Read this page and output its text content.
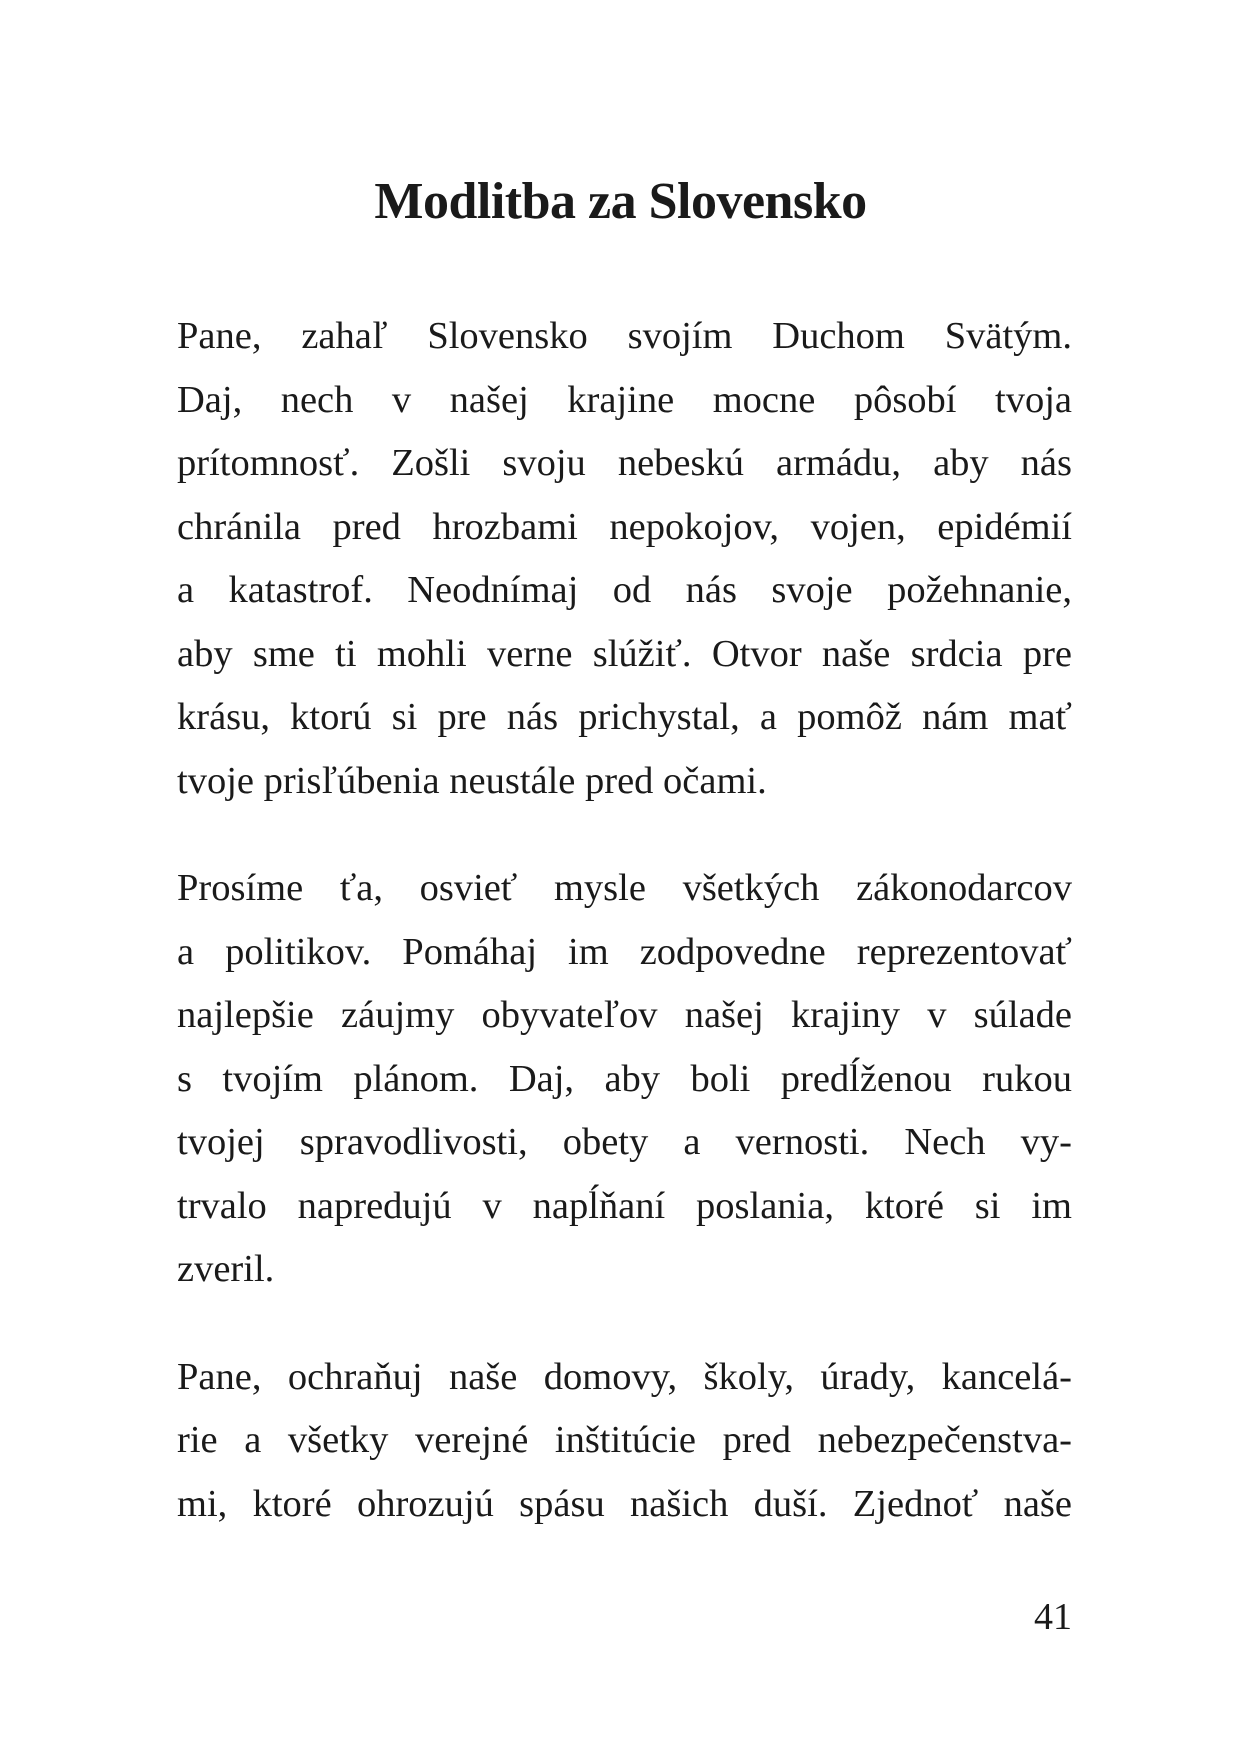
Modlitba za Slovensko

Pane, zahaľ Slovensko svojím Duchom Svätým.
Daj, nech v našej krajine mocne pôsobí tvoja
prítomnosť. Zošli svoju nebeskú armádu, aby nás
chránila pred hrozbami nepokojov, vojen, epidémií
a katastrof. Neodnímaj od nás svoje požehnanie,
aby sme ti mohli verne slúžiť. Otvor naše srdcia pre
krásu, ktorú si pre nás prichystal, a pomôž nám mať
tvoje prisľúbenia neustále pred očami.

Prosíme ťa, osvieť mysle všetkých zákonodarcov
a politikov. Pomáhaj im zodpovedne reprezentovať
najlepšie záujmy obyvateľov našej krajiny v súlade
s tvojím plánom. Daj, aby boli predĺženou rukou
tvojej spravodlivosti, obety a vernosti. Nech vy-
trvalo napredujú v napĺňaní poslania, ktoré si im
zveril.

Pane, ochraňuj naše domovy, školy, úrady, kancelá-
rie a všetky verejné inštitúcie pred nebezpečenstva-
mi, ktoré ohrozujú spásu našich duší. Zjednoť naše

41
